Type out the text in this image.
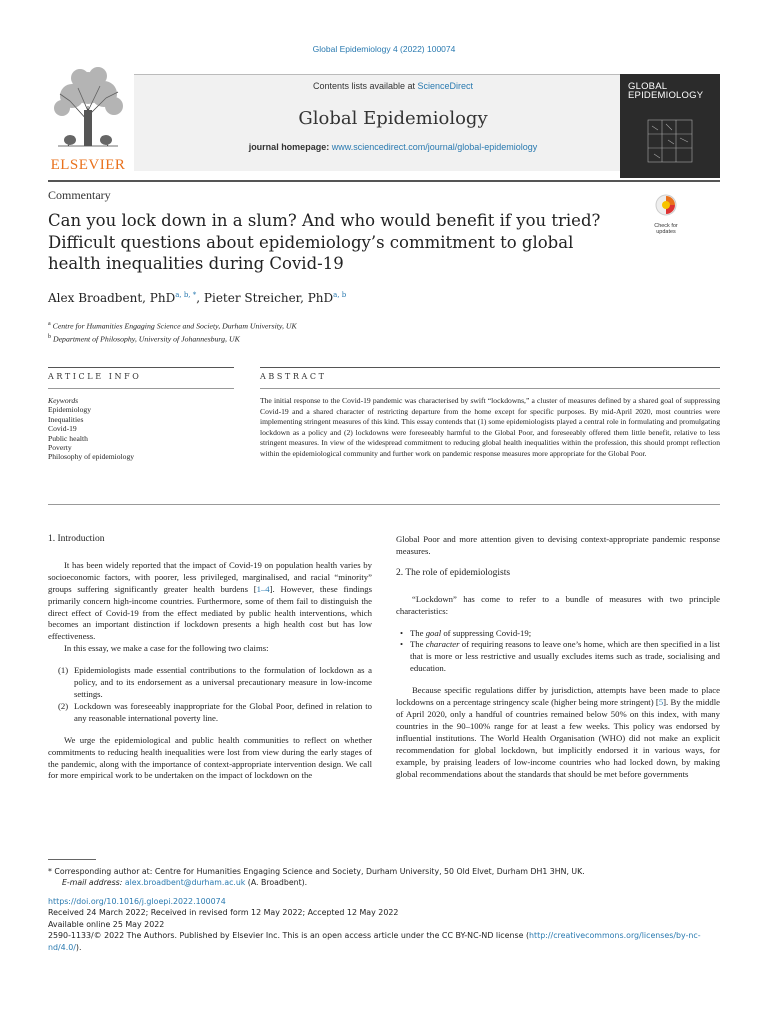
Global Epidemiology 4 (2022) 100074
ELSEVIER
Contents lists available at ScienceDirect
Global Epidemiology
journal homepage: www.sciencedirect.com/journal/global-epidemiology
GLOBAL
EPIDEMIOLOGY
Commentary
Can you lock down in a slum? And who would benefit if you tried? Difficult questions about epidemiology’s commitment to global health inequalities during Covid-19
Check for
updates
Alex Broadbent, PhD$^{a, b, *}$, Pieter Streicher, PhD$^{a, b}$
$^a$ Centre for Humanities Engaging Science and Society, Durham University, UK
$^b$ Department of Philosophy, University of Johannesburg, UK
ARTICLE INFO	ABSTRACT
Keywords
Epidemiology
Inequalities
Covid-19
Public health
Poverty
Philosophy of epidemiology
The initial response to the Covid-19 pandemic was characterised by swift “lockdowns,” a cluster of measures defined by a shared goal of suppressing Covid-19 and a shared character of restricting departure from the home except for specific purposes. By mid-April 2020, most countries were implementing stringent measures of this kind. This essay contends that (1) some epidemiologists played a central role in formulating and promulgating lockdown as a policy and (2) lockdowns were foreseeably harmful to the Global Poor, and foreseeably offered them little benefit, relative to less stringent measures. In view of the widespread commitment to reducing global health inequalities within the profession, this should prompt reflection within the epidemiological community and further work on pandemic response measures more appropriate for the Global Poor.

1. Introduction

It has been widely reported that the impact of Covid-19 on population health varies by socioeconomic factors, with poorer, less privileged, marginalised, and racial “minority” groups suffering significantly greater health burdens [1–4]. However, these findings primarily concern high-income countries. Furthermore, some of them fail to distinguish the direct effect of Covid-19 from the effect mediated by public health interventions, which becomes an important distinction if lockdown presents a high health cost but has low effectiveness.

In this essay, we make a case for the following two claims:

(1) Epidemiologists made essential contributions to the formulation of lockdown as a policy, and to its endorsement as a universal precautionary measure in low-income settings.
(2) Lockdown was foreseeably inappropriate for the Global Poor, defined in relation to any reasonable international poverty line.

We urge the epidemiological and public health communities to reflect on whether commitments to reducing health inequalities were lost from view during the early stages of the pandemic, along with the importance of context-appropriate intervention design. We call for more empirical work to be undertaken on the impact of lockdown on the

Global Poor and more attention given to devising context-appropriate pandemic response measures.

2. The role of epidemiologists

“Lockdown” has come to refer to a bundle of measures with two principle characteristics:

• The goal of suppressing Covid-19;
• The character of requiring reasons to leave one’s home, which are then specified in a list that is more or less restrictive and usually excludes items such as trade, socialising and education.

Because specific regulations differ by jurisdiction, attempts have been made to place lockdowns on a percentage stringency scale (higher being more stringent) [5]. By the middle of April 2020, only a handful of countries remained below 50% on this index, with many countries in the 90–100% range for at least a few weeks. This policy was endorsed by influential institutions. The World Health Organisation (WHO) did not make an explicit recommendation for global lockdown, but implicitly endorsed it in various ways, for example, by praising leaders of low-income countries who had locked down, by making global recommendations about the standards that should be met before governments

* Corresponding author at: Centre for Humanities Engaging Science and Society, Durham University, 50 Old Elvet, Durham DH1 3HN, UK.
E-mail address: alex.broadbent@durham.ac.uk (A. Broadbent).
https://doi.org/10.1016/j.gloepi.2022.100074
Received 24 March 2022; Received in revised form 12 May 2022; Accepted 12 May 2022
Available online 25 May 2022
2590-1133/© 2022 The Authors. Published by Elsevier Inc. This is an open access article under the CC BY-NC-ND license (http://creativecommons.org/licenses/by-nc-nd/4.0/).
